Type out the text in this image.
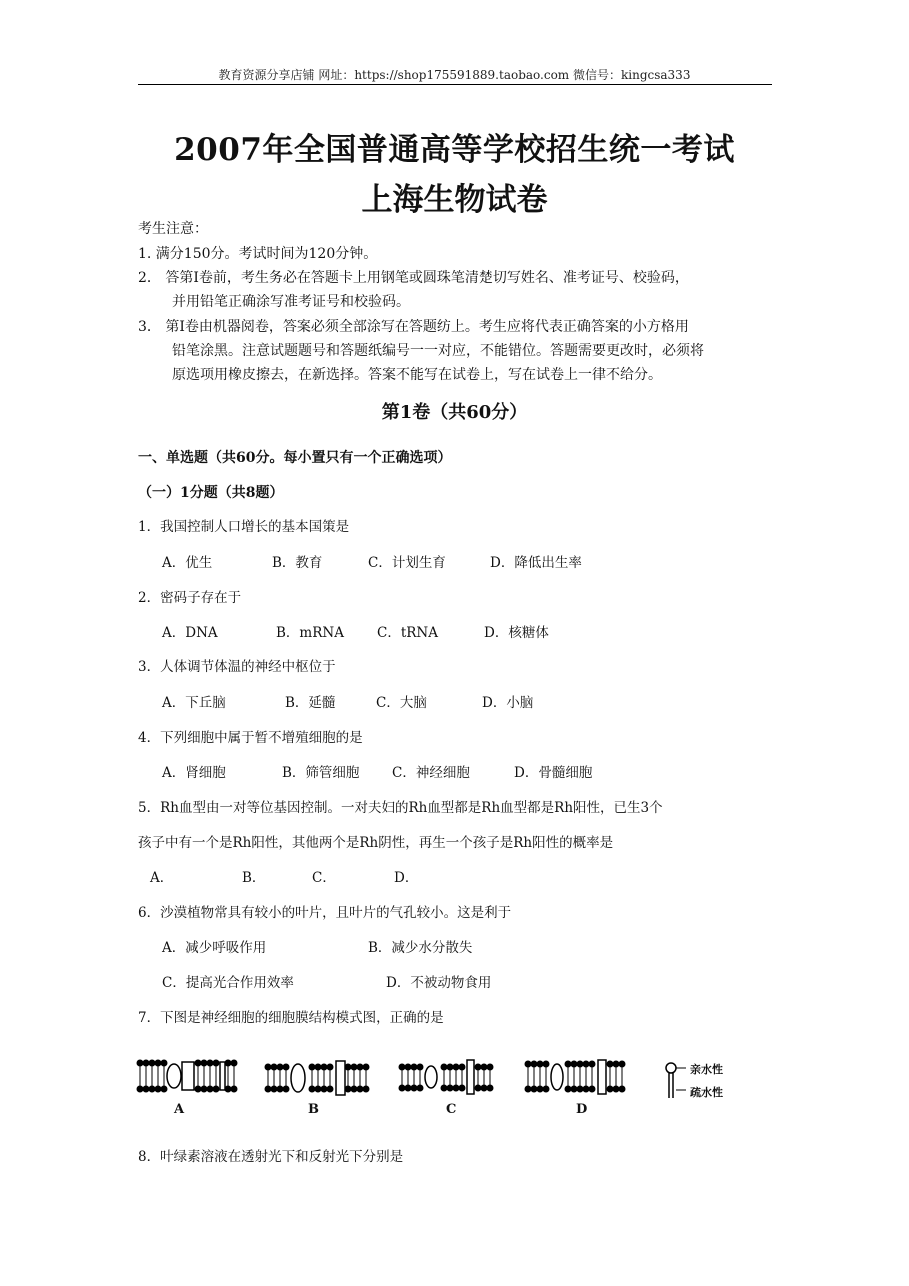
教育资源分享店铺 网址：https://shop175591889.taobao.com 微信号：kingcsa333
2007年全国普通高等学校招生统一考试
上海生物试卷
考生注意：
1. 满分150分。考试时间为120分钟。
2． 答第Ⅰ卷前，考生务必在答题卡上用钢笔或圆珠笔清楚切写姓名、准考证号、校验码，
并用铅笔正确涂写准考证号和校验码。
3． 第Ⅰ卷由机器阅卷，答案必须全部涂写在答题纺上。考生应将代表正确答案的小方格用
铅笔涂黑。注意试题题号和答题纸编号一一对应，不能错位。答题需要更改时，必须将
原选项用橡皮擦去，在新选择。答案不能写在试卷上，写在试卷上一律不给分。
第1卷（共60分）
一、单选题（共60分。每小置只有一个正确选项）
（一）1分题（共8题）
1．我国控制人口增长的基本国策是
A．优生	B．教育	C．计划生育	D．降低出生率
2．密码子存在于
A．DNA	B．mRNA C．tRNA	D．核糖体
3．人体调节体温的神经中枢位于
A．下丘脑	B．延髓	C．大脑	D．小脑
4．下列细胞中属于暂不增殖细胞的是
A．肾细胞	B．筛管细胞 C．神经细胞	D．骨髓细胞
5．Rh血型由一对等位基因控制。一对夫妇的Rh血型都是Rh血型都是Rh阳性，已生3个
孩子中有一个是Rh阳性，其他两个是Rh阴性，再生一个孩子是Rh阳性的概率是
A．	B．	C．	D．
6．沙漠植物常具有较小的叶片，且叶片的气孔较小。这是利于
A．减少呼吸作用	B．减少水分散失
C．提高光合作用效率	D．不被动物食用
7．下图是神经细胞的细胞膜结构模式图，正确的是
亲水性
疏水性
A	B	C	D
8．叶绿素溶液在透射光下和反射光下分别是
